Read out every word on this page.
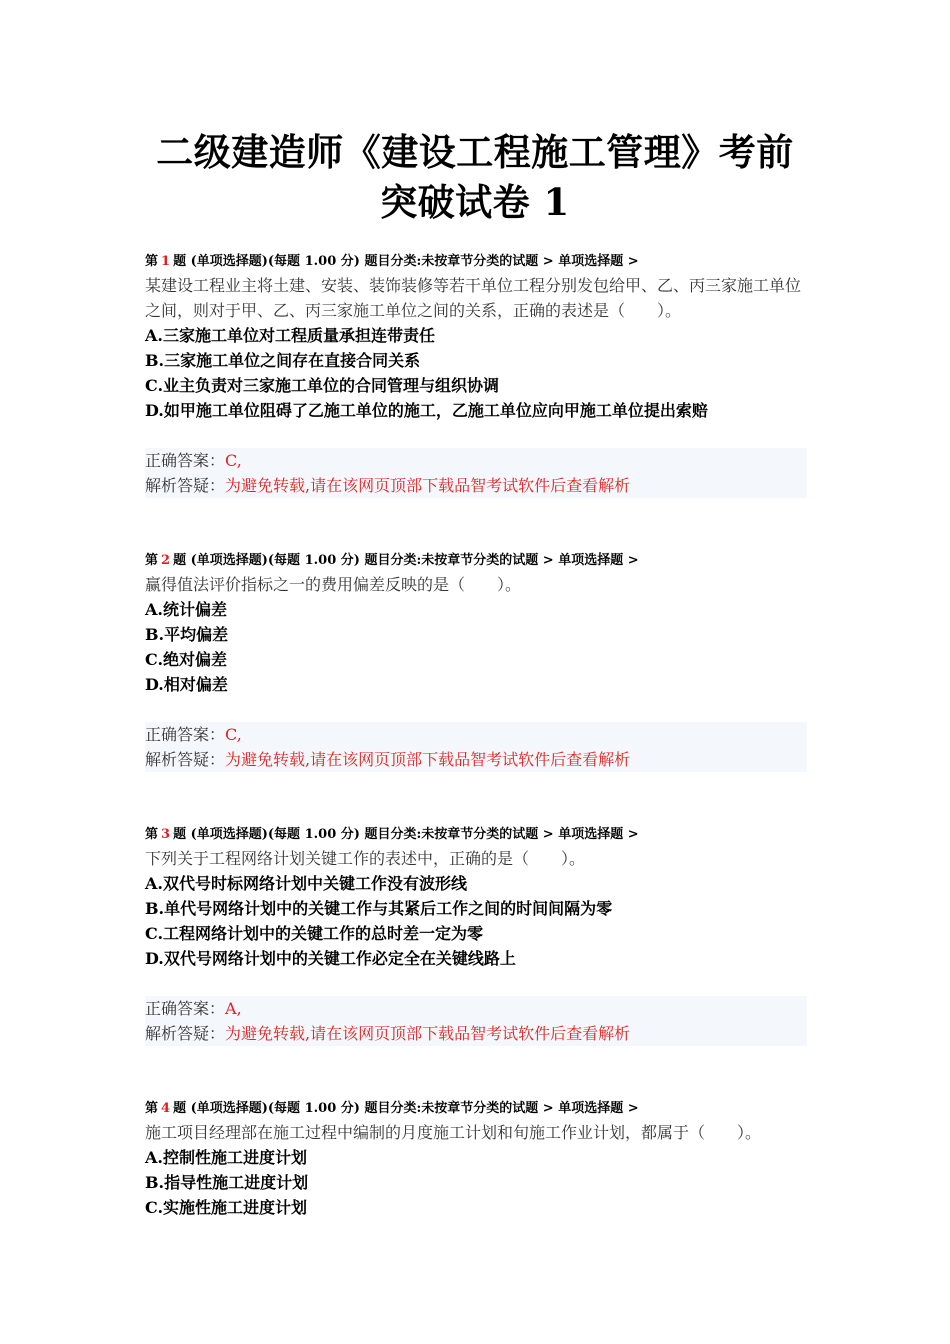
二级建造师《建设工程施工管理》考前
突破试卷 1
第 1 题 (单项选择题)(每题 1.00 分) 题目分类:未按章节分类的试题 > 单项选择题 >
某建设工程业主将土建、安装、装饰装修等若干单位工程分别发包给甲、乙、丙三家施工单位之间，则对于甲、乙、丙三家施工单位之间的关系，正确的表述是（　　）。
A.三家施工单位对工程质量承担连带责任
B.三家施工单位之间存在直接合同关系
C.业主负责对三家施工单位的合同管理与组织协调
D.如甲施工单位阻碍了乙施工单位的施工，乙施工单位应向甲施工单位提出索赔
正确答案：C,
解析答疑：为避免转载,请在该网页顶部下载品智考试软件后查看解析
第 2 题 (单项选择题)(每题 1.00 分) 题目分类:未按章节分类的试题 > 单项选择题 >
赢得值法评价指标之一的费用偏差反映的是（　　）。
A.统计偏差
B.平均偏差
C.绝对偏差
D.相对偏差
正确答案：C,
解析答疑：为避免转载,请在该网页顶部下载品智考试软件后查看解析
第 3 题 (单项选择题)(每题 1.00 分) 题目分类:未按章节分类的试题 > 单项选择题 >
下列关于工程网络计划关键工作的表述中，正确的是（　　）。
A.双代号时标网络计划中关键工作没有波形线
B.单代号网络计划中的关键工作与其紧后工作之间的时间间隔为零
C.工程网络计划中的关键工作的总时差一定为零
D.双代号网络计划中的关键工作必定全在关键线路上
正确答案：A,
解析答疑：为避免转载,请在该网页顶部下载品智考试软件后查看解析
第 4 题 (单项选择题)(每题 1.00 分) 题目分类:未按章节分类的试题 > 单项选择题 >
施工项目经理部在施工过程中编制的月度施工计划和旬施工作业计划，都属于（　　）。
A.控制性施工进度计划
B.指导性施工进度计划
C.实施性施工进度计划
